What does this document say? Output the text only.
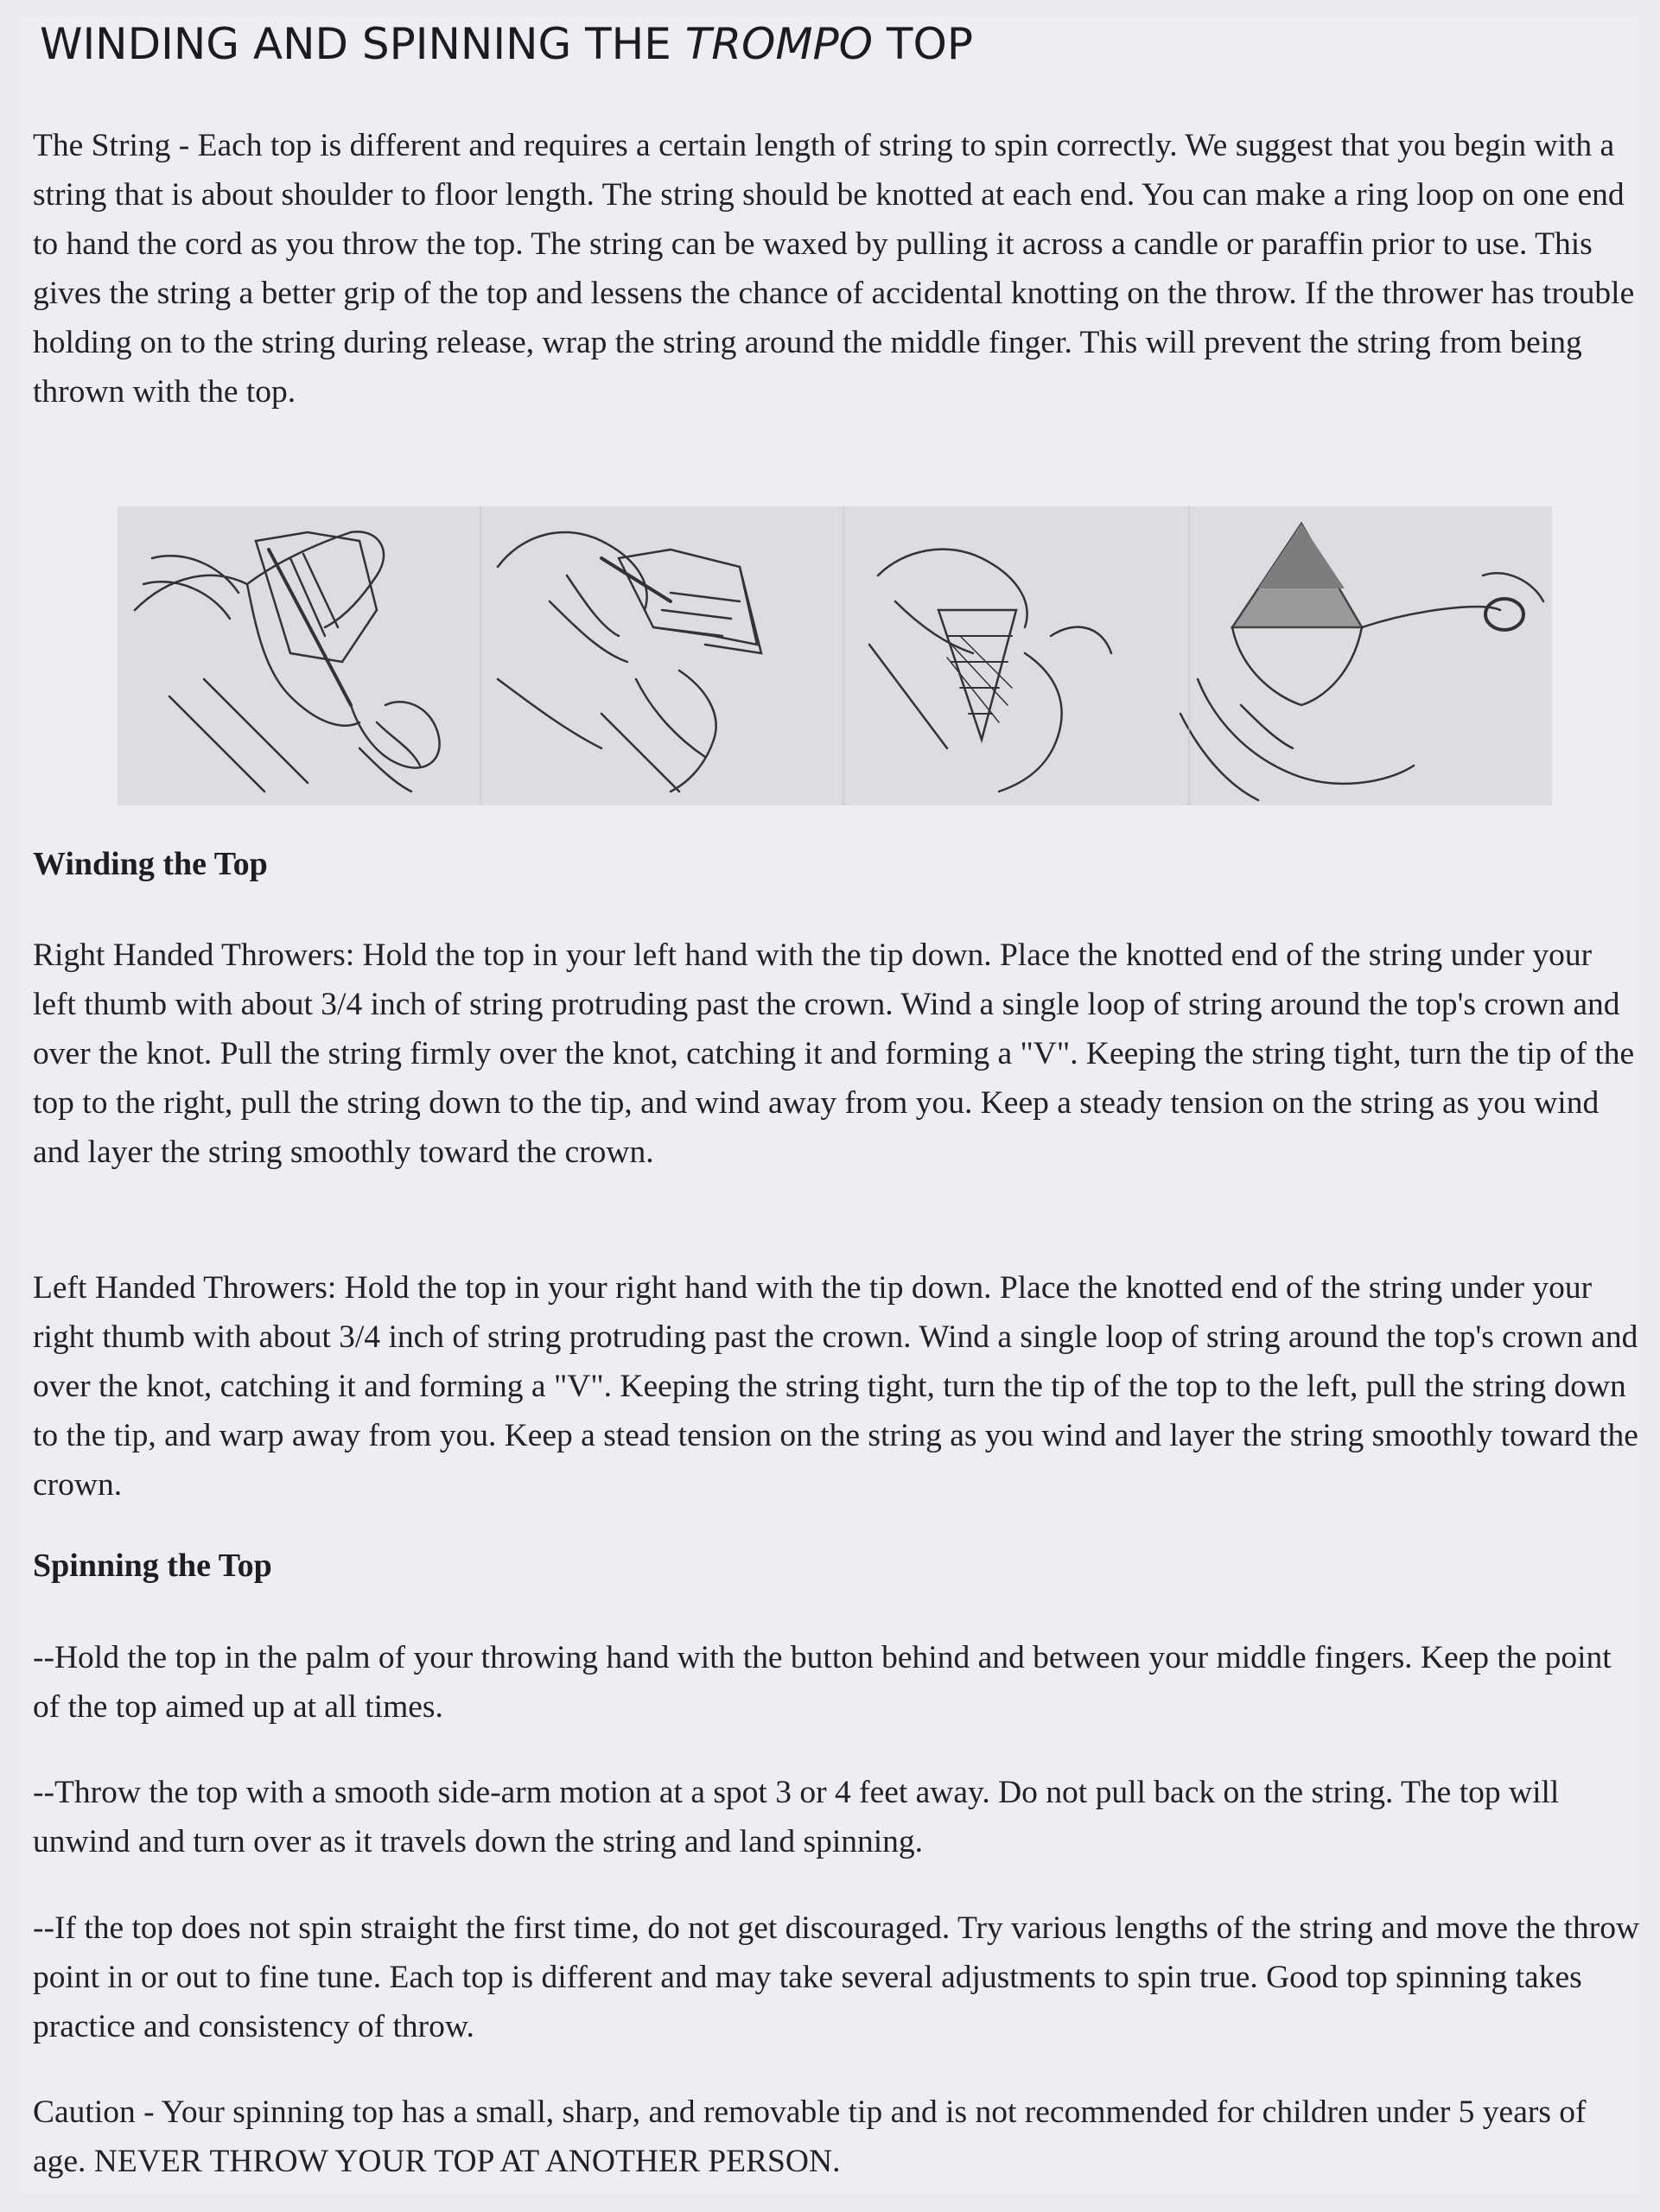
WINDING AND SPINNING THE TROMPO TOP
The String - Each top is different and requires a certain length of string to spin correctly. We suggest that you begin with a string that is about shoulder to floor length. The string should be knotted at each end. You can make a ring loop on one end to hand the cord as you throw the top. The string can be waxed by pulling it across a candle or paraffin prior to use. This gives the string a better grip of the top and lessens the chance of accidental knotting on the throw. If the thrower has trouble holding on to the string during release, wrap the string around the middle finger. This will prevent the string from being thrown with the top.
Winding the Top
Right Handed Throwers: Hold the top in your left hand with the tip down. Place the knotted end of the string under your left thumb with about 3/4 inch of string protruding past the crown. Wind a single loop of string around the top's crown and over the knot. Pull the string firmly over the knot, catching it and forming a "V". Keeping the string tight, turn the tip of the top to the right, pull the string down to the tip, and wind away from you. Keep a steady tension on the string as you wind and layer the string smoothly toward the crown.
Left Handed Throwers: Hold the top in your right hand with the tip down. Place the knotted end of the string under your right thumb with about 3/4 inch of string protruding past the crown. Wind a single loop of string around the top's crown and over the knot, catching it and forming a "V". Keeping the string tight, turn the tip of the top to the left, pull the string down to the tip, and warp away from you. Keep a stead tension on the string as you wind and layer the string smoothly toward the crown.
Spinning the Top
--Hold the top in the palm of your throwing hand with the button behind and between your middle fingers. Keep the point of the top aimed up at all times.
--Throw the top with a smooth side-arm motion at a spot 3 or 4 feet away. Do not pull back on the string. The top will unwind and turn over as it travels down the string and land spinning.
--If the top does not spin straight the first time, do not get discouraged. Try various lengths of the string and move the throw point in or out to fine tune. Each top is different and may take several adjustments to spin true. Good top spinning takes practice and consistency of throw.
Caution - Your spinning top has a small, sharp, and removable tip and is not recommended for children under 5 years of age. NEVER THROW YOUR TOP AT ANOTHER PERSON.
